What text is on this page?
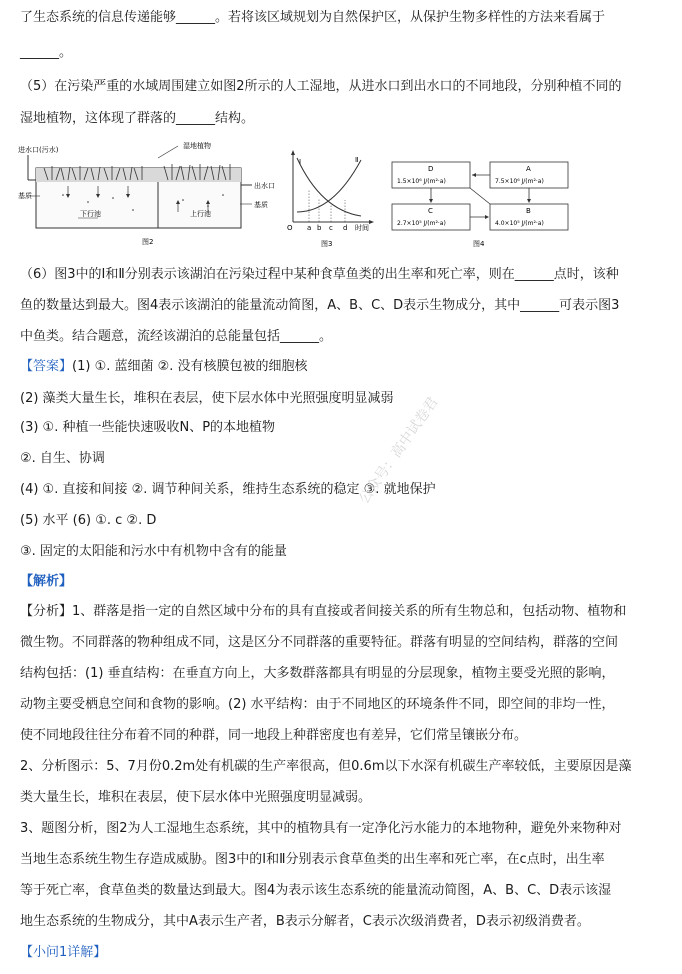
了生态系统的信息传递能够______。若将该区域规划为自然保护区，从保护生物多样性的方法来看属于
______。
（5）在污染严重的水域周围建立如图2所示的人工湿地，从进水口到出水口的不同地段，分别种植不同的
湿地植物，这体现了群落的______结构。
进水口(污水)	湿地植物
下行池	上行池
基质
基质
出水口
图2
Ⅰ	Ⅱ
O a b c d 时间
图3
D
1.5×10⁶ J/(m²·a)
A
7.5×10⁶ J/(m²·a)
C
2.7×10⁵ J/(m²·a)
B
4.0×10⁵ J/(m²·a)
图4
（6）图3中的Ⅰ和Ⅱ分别表示该湖泊在污染过程中某种食草鱼类的出生率和死亡率，则在______点时，该种
鱼的数量达到最大。图4表示该湖泊的能量流动简图，A、B、C、D表示生物成分，其中______可表示图3
中鱼类。结合题意，流经该湖泊的总能量包括______。
【答案】(1) ①. 蓝细菌 ②. 没有核膜包被的细胞核
(2) 藻类大量生长，堆积在表层，使下层水体中光照强度明显减弱
(3) ①. 种植一些能快速吸收N、P的本地植物
②. 自生、协调
(4) ①. 直接和间接 ②. 调节种间关系，维持生态系统的稳定 ③. 就地保护
(5) 水平 (6) ①. c ②. D
③. 固定的太阳能和污水中有机物中含有的能量
【解析】
【分析】1、群落是指一定的自然区域中分布的具有直接或者间接关系的所有生物总和，包括动物、植物和
微生物。不同群落的物种组成不同，这是区分不同群落的重要特征。群落有明显的空间结构，群落的空间
结构包括：(1) 垂直结构：在垂直方向上，大多数群落都具有明显的分层现象，植物主要受光照的影响，
动物主要受栖息空间和食物的影响。(2) 水平结构：由于不同地区的环境条件不同，即空间的非均一性，
使不同地段往往分布着不同的种群，同一地段上种群密度也有差异，它们常呈镶嵌分布。
2、分析图示：5、7月份0.2m处有机碳的生产率很高，但0.6m以下水深有机碳生产率较低，主要原因是藻
类大量生长，堆积在表层，使下层水体中光照强度明显减弱。
3、题图分析，图2为人工湿地生态系统，其中的植物具有一定净化污水能力的本地物种，避免外来物种对
当地生态系统生物生存造成威胁。图3中的Ⅰ和Ⅱ分别表示食草鱼类的出生率和死亡率，在c点时，出生率
等于死亡率，食草鱼类的数量达到最大。图4为表示该生态系统的能量流动简图，A、B、C、D表示该湿
地生态系统的生物成分，其中A表示生产者，B表示分解者，C表示次级消费者，D表示初级消费者。
【小问1详解】
公众号：高中试卷君
